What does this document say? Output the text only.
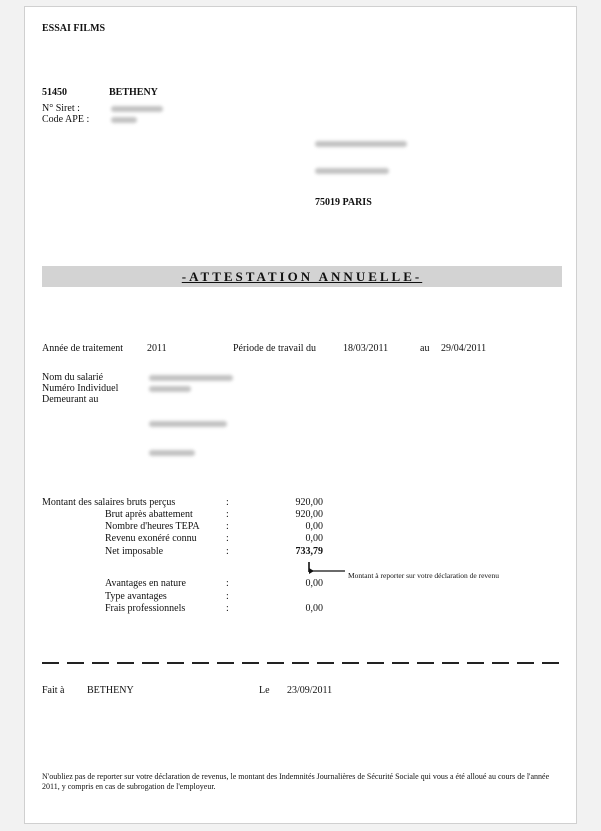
ESSAI FILMS
51450	BETHENY
N° Siret :
Code APE :
75019 PARIS
-ATTESTATION ANNUELLE-
Année de traitement 2011	Période de travail du	18/03/2011	au 29/04/2011
Nom du salarié
Numéro Individuel
Demeurant au
Montant des salaires bruts perçus	:	920,00
Brut après abattement	:	920,00
Nombre d'heures TEPA	:	0,00
Revenu exonéré connu	:	0,00
Net imposable	:	733,79
Montant à reporter sur votre déclaration de revenu
Avantages en nature	:	0,00
Type avantages	:
Frais professionnels	:	0,00
Fait à BETHENY	Le 23/09/2011
N'oubliez pas de reporter sur votre déclaration de revenus, le montant des Indemnités Journalières de Sécurité Sociale qui vous a été alloué au cours de l'année 2011, y compris en cas de subrogation de l'employeur.
